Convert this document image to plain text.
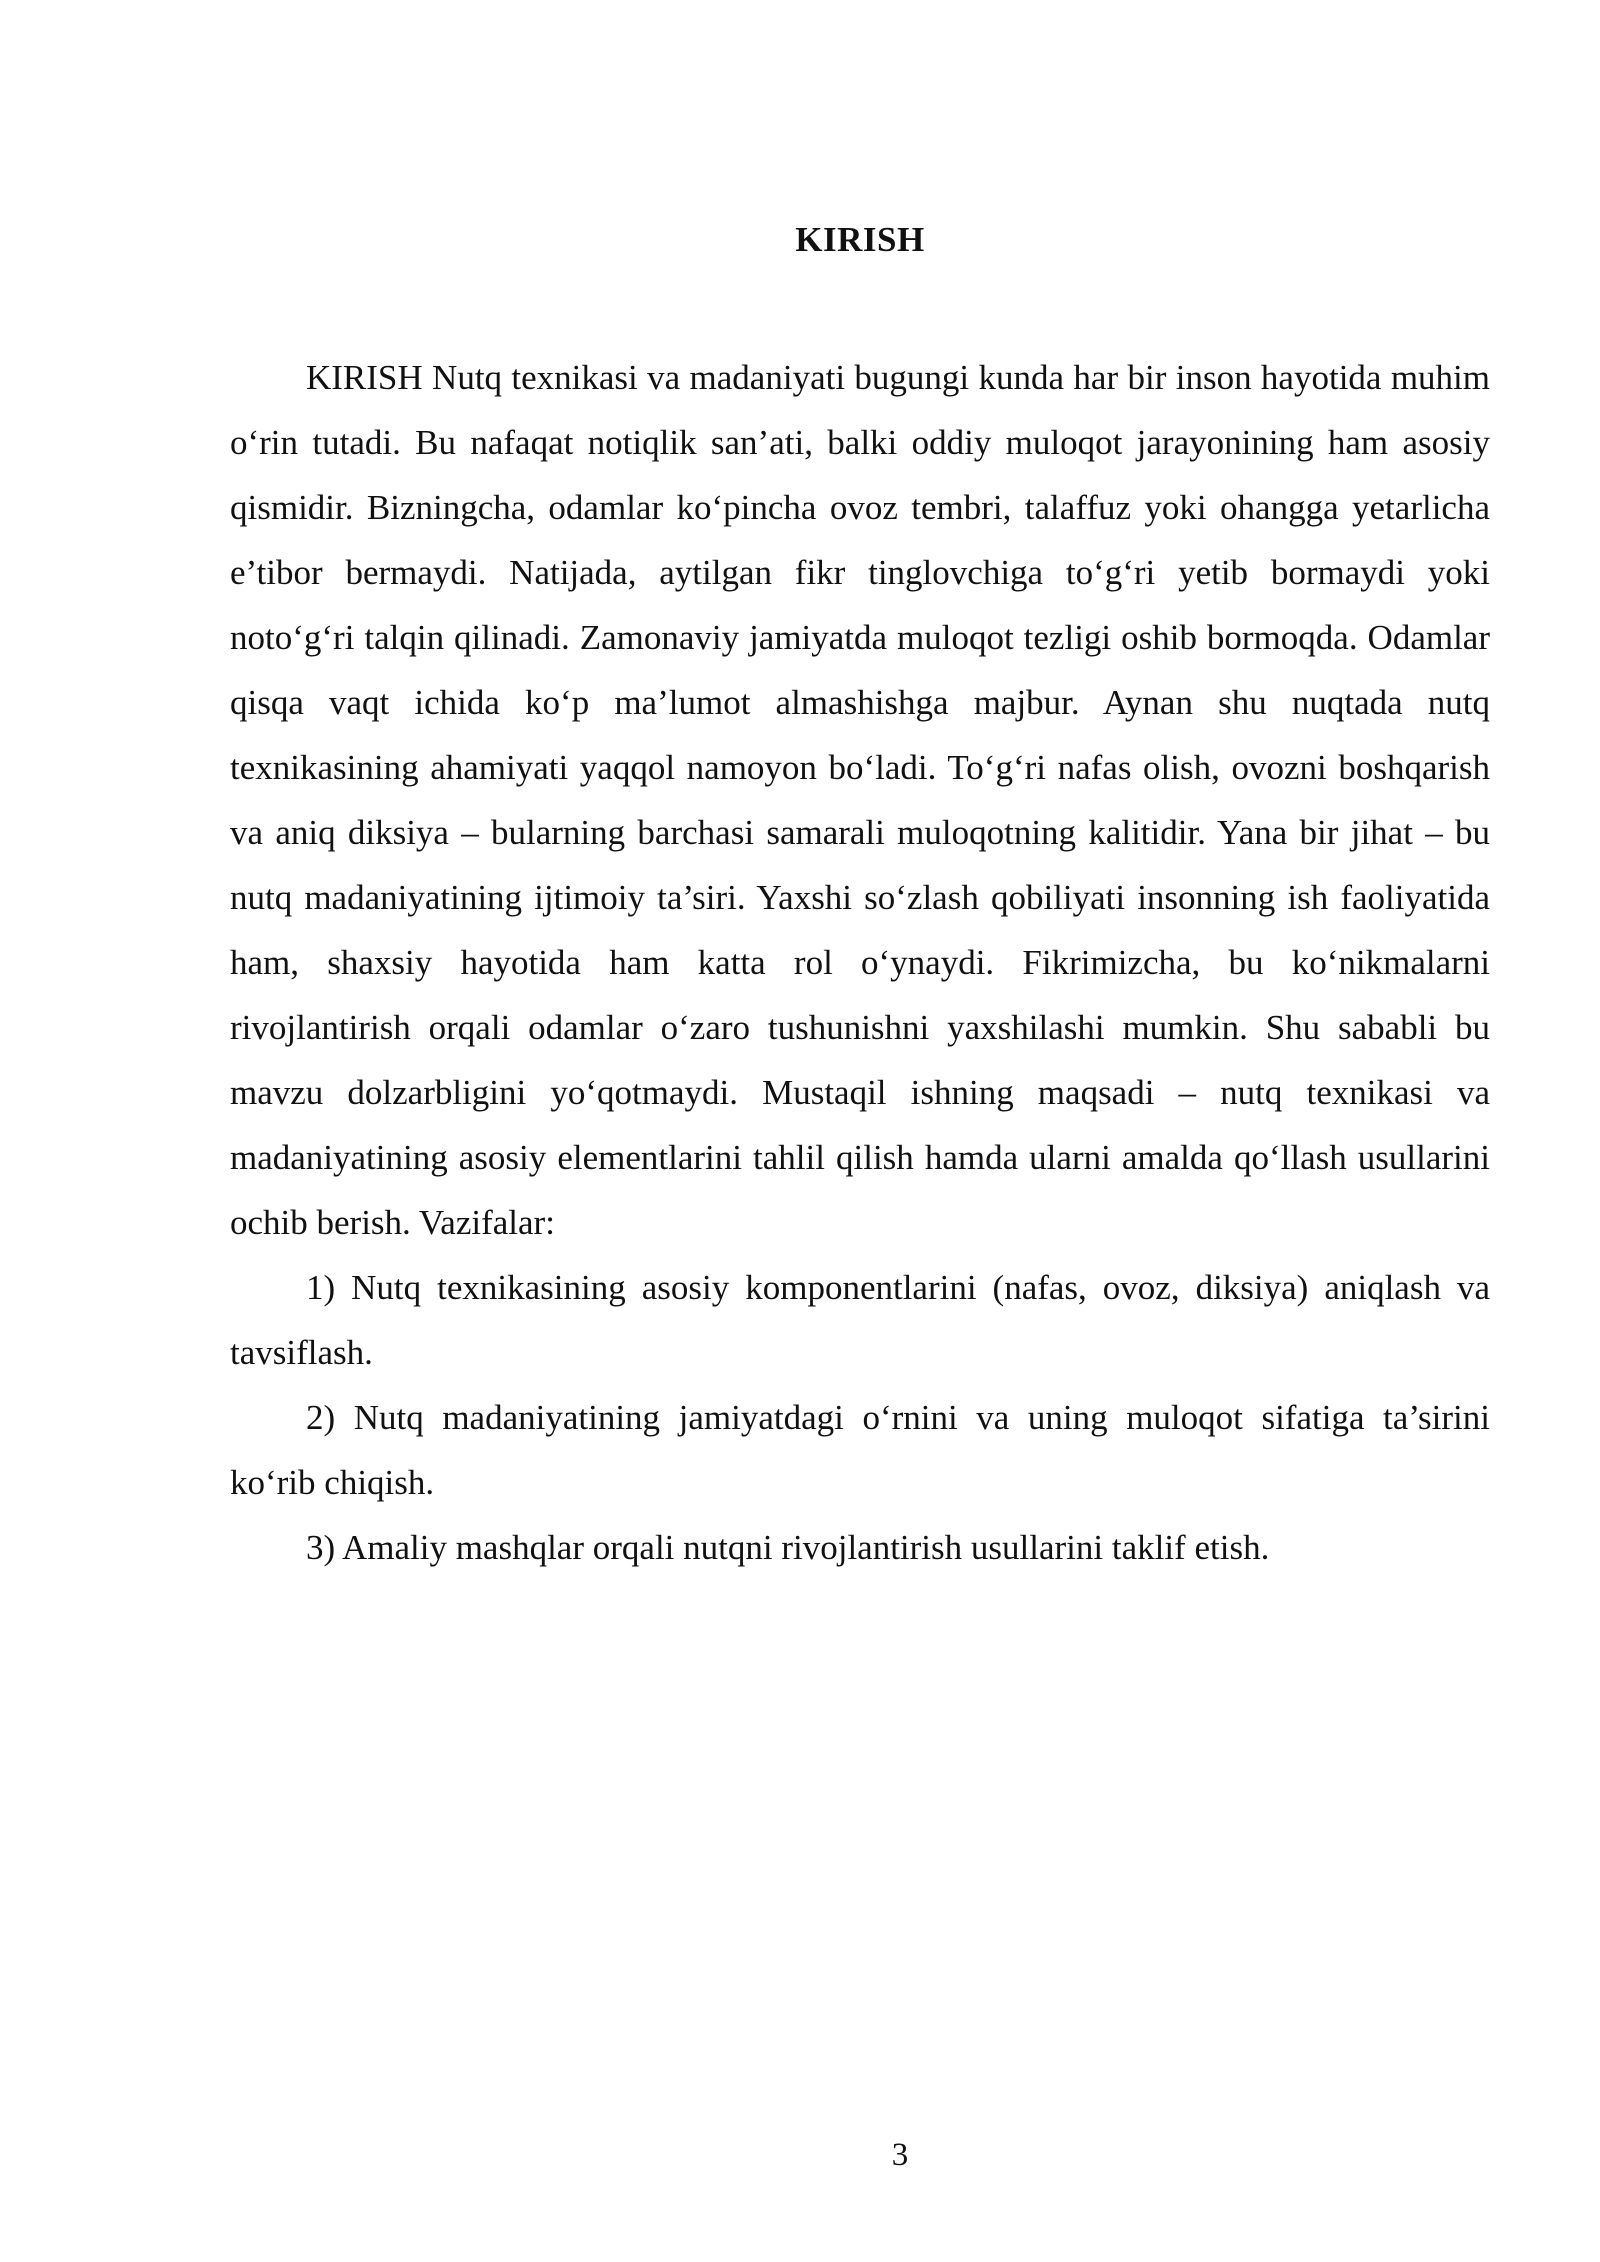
KIRISH

KIRISH Nutq texnikasi va madaniyati bugungi kunda har bir inson hayotida muhim o‘rin tutadi. Bu nafaqat notiqlik san’ati, balki oddiy muloqot jarayonining ham asosiy qismidir. Bizningcha, odamlar ko‘pincha ovoz tembri, talaffuz yoki ohangga yetarlicha e’tibor bermaydi. Natijada, aytilgan fikr tinglovchiga to‘g‘ri yetib bormaydi yoki noto‘g‘ri talqin qilinadi. Zamonaviy jamiyatda muloqot tezligi oshib bormoqda. Odamlar qisqa vaqt ichida ko‘p ma’lumot almashishga majbur. Aynan shu nuqtada nutq texnikasining ahamiyati yaqqol namoyon bo‘ladi. To‘g‘ri nafas olish, ovozni boshqarish va aniq diksiya – bularning barchasi samarali muloqotning kalitidir. Yana bir jihat – bu nutq madaniyatining ijtimoiy ta’siri. Yaxshi so‘zlash qobiliyati insonning ish faoliyatida ham, shaxsiy hayotida ham katta rol o‘ynaydi. Fikrimizcha, bu ko‘nikmalarni rivojlantirish orqali odamlar o‘zaro tushunishni yaxshilashi mumkin. Shu sababli bu mavzu dolzarbligini yo‘qotmaydi. Mustaqil ishning maqsadi – nutq texnikasi va madaniyatining asosiy elementlarini tahlil qilish hamda ularni amalda qo‘llash usullarini ochib berish. Vazifalar:

1) Nutq texnikasining asosiy komponentlarini (nafas, ovoz, diksiya) aniqlash va tavsiflash.

2) Nutq madaniyatining jamiyatdagi o‘rnini va uning muloqot sifatiga ta’sirini ko‘rib chiqish.

3) Amaliy mashqlar orqali nutqni rivojlantirish usullarini taklif etish.

3
